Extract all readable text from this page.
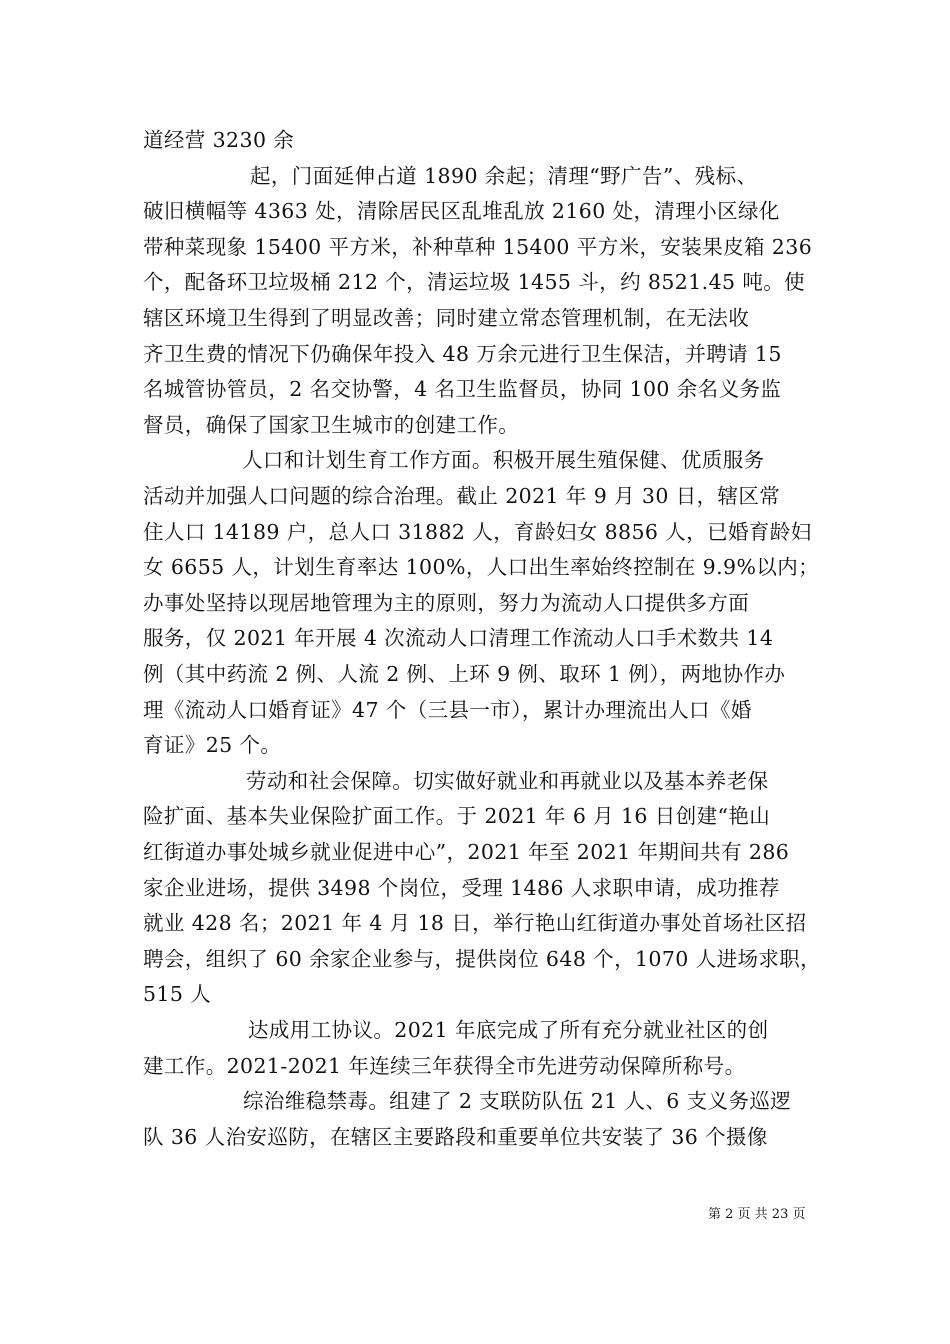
道经营 3230 余
起，门面延伸占道 1890 余起；清理“野广告”、残标、
破旧横幅等 4363 处，清除居民区乱堆乱放 2160 处，清理小区绿化
带种菜现象 15400 平方米，补种草种 15400 平方米，安装果皮箱 236
个，配备环卫垃圾桶 212 个，清运垃圾 1455 斗，约 8521.45 吨。使
辖区环境卫生得到了明显改善；同时建立常态管理机制，在无法收
齐卫生费的情况下仍确保年投入 48 万余元进行卫生保洁，并聘请 15
名城管协管员，2 名交协警，4 名卫生监督员，协同 100 余名义务监
督员，确保了国家卫生城市的创建工作。
人口和计划生育工作方面。积极开展生殖保健、优质服务
活动并加强人口问题的综合治理。截止 2021 年 9 月 30 日，辖区常
住人口 14189 户，总人口 31882 人，育龄妇女 8856 人，已婚育龄妇
女 6655 人，计划生育率达 100%，人口出生率始终控制在 9.9%以内；
办事处坚持以现居地管理为主的原则，努力为流动人口提供多方面
服务，仅 2021 年开展 4 次流动人口清理工作流动人口手术数共 14
例（其中药流 2 例、人流 2 例、上环 9 例、取环 1 例），两地协作办
理《流动人口婚育证》47 个（三县一市），累计办理流出人口《婚
育证》25 个。
劳动和社会保障。切实做好就业和再就业以及基本养老保
险扩面、基本失业保险扩面工作。于 2021 年 6 月 16 日创建“艳山
红街道办事处城乡就业促进中心”，2021 年至 2021 年期间共有 286
家企业进场，提供 3498 个岗位，受理 1486 人求职申请，成功推荐
就业 428 名；2021 年 4 月 18 日，举行艳山红街道办事处首场社区招
聘会，组织了 60 余家企业参与，提供岗位 648 个，1070 人进场求职，
515 人
达成用工协议。2021 年底完成了所有充分就业社区的创
建工作。2021-2021 年连续三年获得全市先进劳动保障所称号。
综治维稳禁毒。组建了 2 支联防队伍 21 人、6 支义务巡逻
队 36 人治安巡防，在辖区主要路段和重要单位共安装了 36 个摄像
第 2 页 共 23 页
